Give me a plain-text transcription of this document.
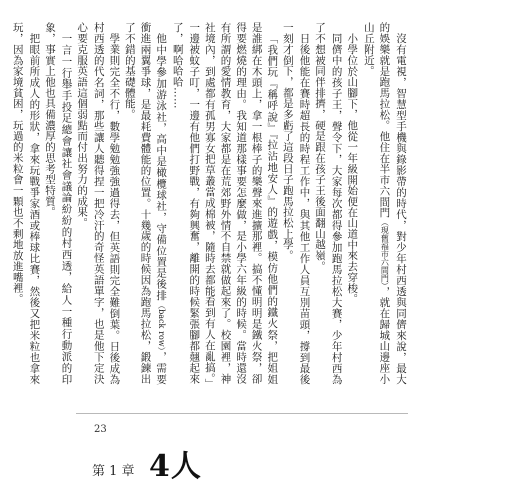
沒有電視，智慧型手機與錄影帶的時代，對少年村西透與同儕來說，最大的娛樂就是跑馬拉松。他住在半市六間門（現舊福市六間門），就在歸城山邊座小山丘附近。

小學位於山腳下，他從一年級開始便在山道中來去穿梭。

同儕中的孩子王，聲令下，大家每次都得參加跑馬拉松大賽，少年村西為了不想被同伴排擠，硬是跟在孩子王後面翻山越嶺。

日後他能在賽時超長的時程工作中，與其他工作人員互別苗頭，撐到最後一刻才倒下，都是多虧了這段日子跑馬拉松上學。

「我們玩『稱呼說』『拉沾地安人』的遊戲，模仿他們的鐵火祭，把姐姐是誰綁在木頭上，拿一根棒子的樂聲來進擴那裡。搞不懂明明是鐵火祭，卻得要燃燒的理由。我知道那樣事要怎麼做，是小學六年級的時候。當時還沒有所謂的愛情教育，大家都是在荒郊野外情不自禁就做起來了。校園裡，神社境內，到處都有孤男寡女把草叢當成棉被，隨時去都能看到有人在亂搞。」一邊被蚊子叮，一邊有他們打野戰，有夠興奮，離開的時候緊張腳都翹起來了，啊哈哈哈……

他中學參加游泳社，高中是橄欖球社，守備位置是後排（back row），需要衝進兩翼爭球，是最耗費體能的位置。十幾歲的時候因為跑馬拉松，鍛鍊出了不錯的基礎體能。

學業則完全不行，數學勉勉強強過得去，但英語則完全難倒葉。日後成為村西透的代名詞，那些讓人聽得捏一把冷汗的奇怪英語單字，也是他下定決心要克服英語這個弱點而付出努力的成果。

一言一行舉手投足總會讓社會議論紛紛的村西透，給人一種行動派的印象，事實上他也具備濃厚的思考型特質。

把眼前所成人的形狀，拿來玩戰爭家酒或棒球比賽，然後又把米粒也拿來玩，因為家境貧困，玩過的米粒會一顆也不剩地放進嘴裡。

23
第 1 章 4人
